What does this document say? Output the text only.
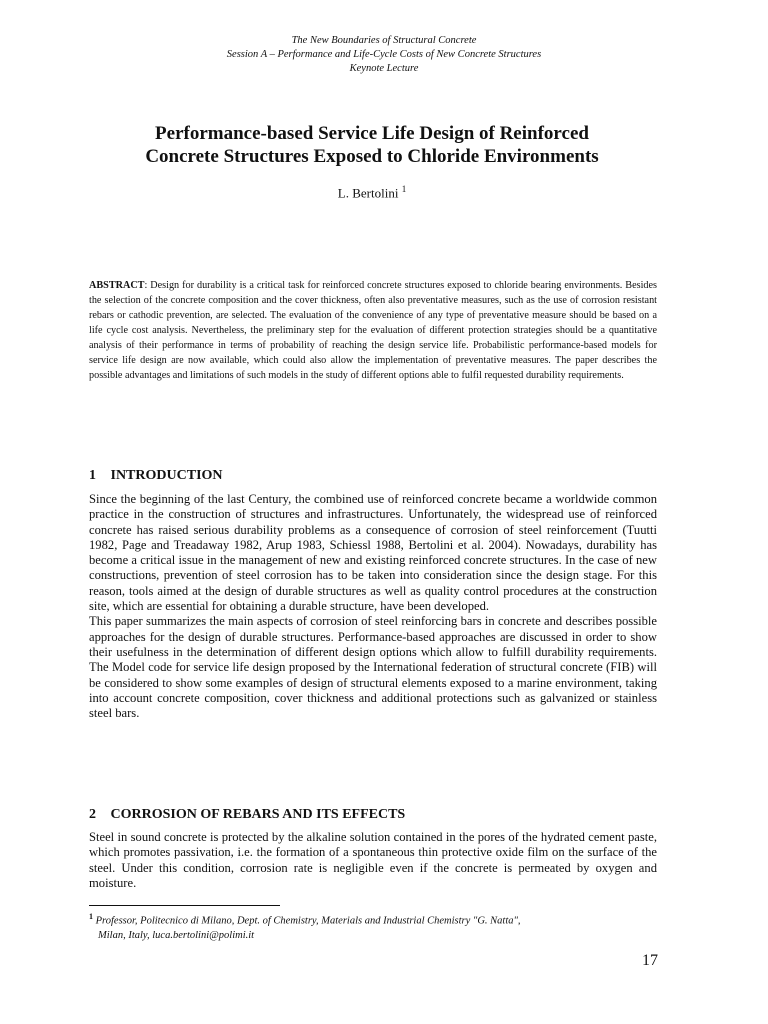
The New Boundaries of Structural Concrete
Session A – Performance and Life-Cycle Costs of New Concrete Structures
Keynote Lecture
Performance-based Service Life Design of Reinforced
Concrete Structures Exposed to Chloride Environments
L. Bertolini $^1$
ABSTRACT: Design for durability is a critical task for reinforced concrete structures exposed to chloride bearing environments. Besides the selection of the concrete composition and the cover thickness, often also preventative measures, such as the use of corrosion resistant rebars or cathodic prevention, are selected. The evaluation of the convenience of any type of preventative measure should be based on a life cycle cost analysis. Nevertheless, the preliminary step for the evaluation of different protection strategies should be a quantitative analysis of their performance in terms of probability of reaching the design service life. Probabilistic performance-based models for service life design are now available, which could also allow the implementation of preventative measures. The paper describes the possible advantages and limitations of such models in the study of different options able to fulfil requested durability requirements.
1 INTRODUCTION

Since the beginning of the last Century, the combined use of reinforced concrete became a worldwide common practice in the construction of structures and infrastructures. Unfortunately, the widespread use of reinforced concrete has raised serious durability problems as a consequence of corrosion of steel reinforcement (Tuutti 1982, Page and Treadaway 1982, Arup 1983, Schiessl 1988, Bertolini et al. 2004). Nowadays, durability has become a critical issue in the management of new and existing reinforced concrete structures. In the case of new constructions, prevention of steel corrosion has to be taken into consideration since the design stage. For this reason, tools aimed at the design of durable structures as well as quality control procedures at the construction site, which are essential for obtaining a durable structure, have been developed.

This paper summarizes the main aspects of corrosion of steel reinforcing bars in concrete and describes possible approaches for the design of durable structures. Performance-based approaches are discussed in order to show their usefulness in the determination of different design options which allow to fulfill durability requirements. The Model code for service life design proposed by the International federation of structural concrete (FIB) will be considered to show some examples of design of structural elements exposed to a marine environment, taking into account concrete composition, cover thickness and additional protections such as galvanized or stainless steel bars.

2 CORROSION OF REBARS AND ITS EFFECTS

Steel in sound concrete is protected by the alkaline solution contained in the pores of the hydrated cement paste, which promotes passivation, i.e. the formation of a spontaneous thin protective oxide film on the surface of the steel. Under this condition, corrosion rate is negligible even if the concrete is permeated by oxygen and moisture.

$^1$ Professor, Politecnico di Milano, Dept. of Chemistry, Materials and Industrial Chemistry "G. Natta",
Milan, Italy, luca.bertolini@polimi.it
17
